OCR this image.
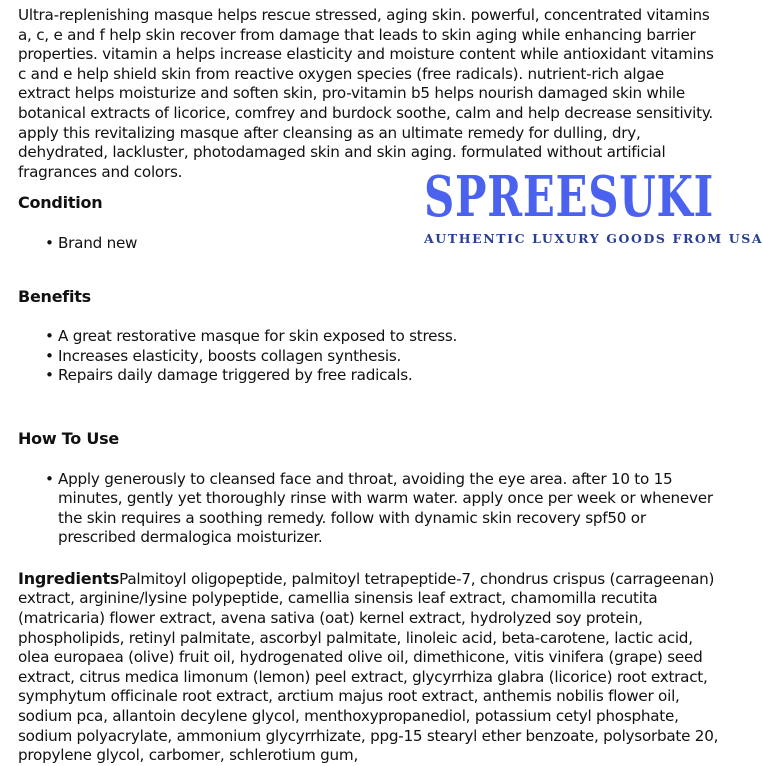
Ultra-replenishing masque helps rescue stressed, aging skin. powerful, concentrated vitamins a, c, e and f help skin recover from damage that leads to skin aging while enhancing barrier properties. vitamin a helps increase elasticity and moisture content while antioxidant vitamins c and e help shield skin from reactive oxygen species (free radicals). nutrient-rich algae extract helps moisturize and soften skin, pro-vitamin b5 helps nourish damaged skin while botanical extracts of licorice, comfrey and burdock soothe, calm and help decrease sensitivity. apply this revitalizing masque after cleansing as an ultimate remedy for dulling, dry, dehydrated, lackluster, photodamaged skin and skin aging. formulated without artificial fragrances and colors.

Condition
• Brand new
Benefits
• A great restorative masque for skin exposed to stress.
• Increases elasticity, boosts collagen synthesis.
• Repairs daily damage triggered by free radicals.
How To Use
• Apply generously to cleansed face and throat, avoiding the eye area. after 10 to 15 minutes, gently yet thoroughly rinse with warm water. apply once per week or whenever the skin requires a soothing remedy. follow with dynamic skin recovery spf50 or prescribed dermalogica moisturizer.
IngredientsPalmitoyl oligopeptide, palmitoyl tetrapeptide-7, chondrus crispus (carrageenan) extract, arginine/lysine polypeptide, camellia sinensis leaf extract, chamomilla recutita (matricaria) flower extract, avena sativa (oat) kernel extract, hydrolyzed soy protein, phospholipids, retinyl palmitate, ascorbyl palmitate, linoleic acid, beta-carotene, lactic acid, olea europaea (olive) fruit oil, hydrogenated olive oil, dimethicone, vitis vinifera (grape) seed extract, citrus medica limonum (lemon) peel extract, glycyrrhiza glabra (licorice) root extract, symphytum officinale root extract, arctium majus root extract, anthemis nobilis flower oil, sodium pca, allantoin decylene glycol, menthoxypropanediol, potassium cetyl phosphate, sodium polyacrylate, ammonium glycyrrhizate, ppg-15 stearyl ether benzoate, polysorbate 20, propylene glycol, carbomer, schlerotium gum,
SPREESUKI
AUTHENTIC LUXURY GOODS FROM USA
